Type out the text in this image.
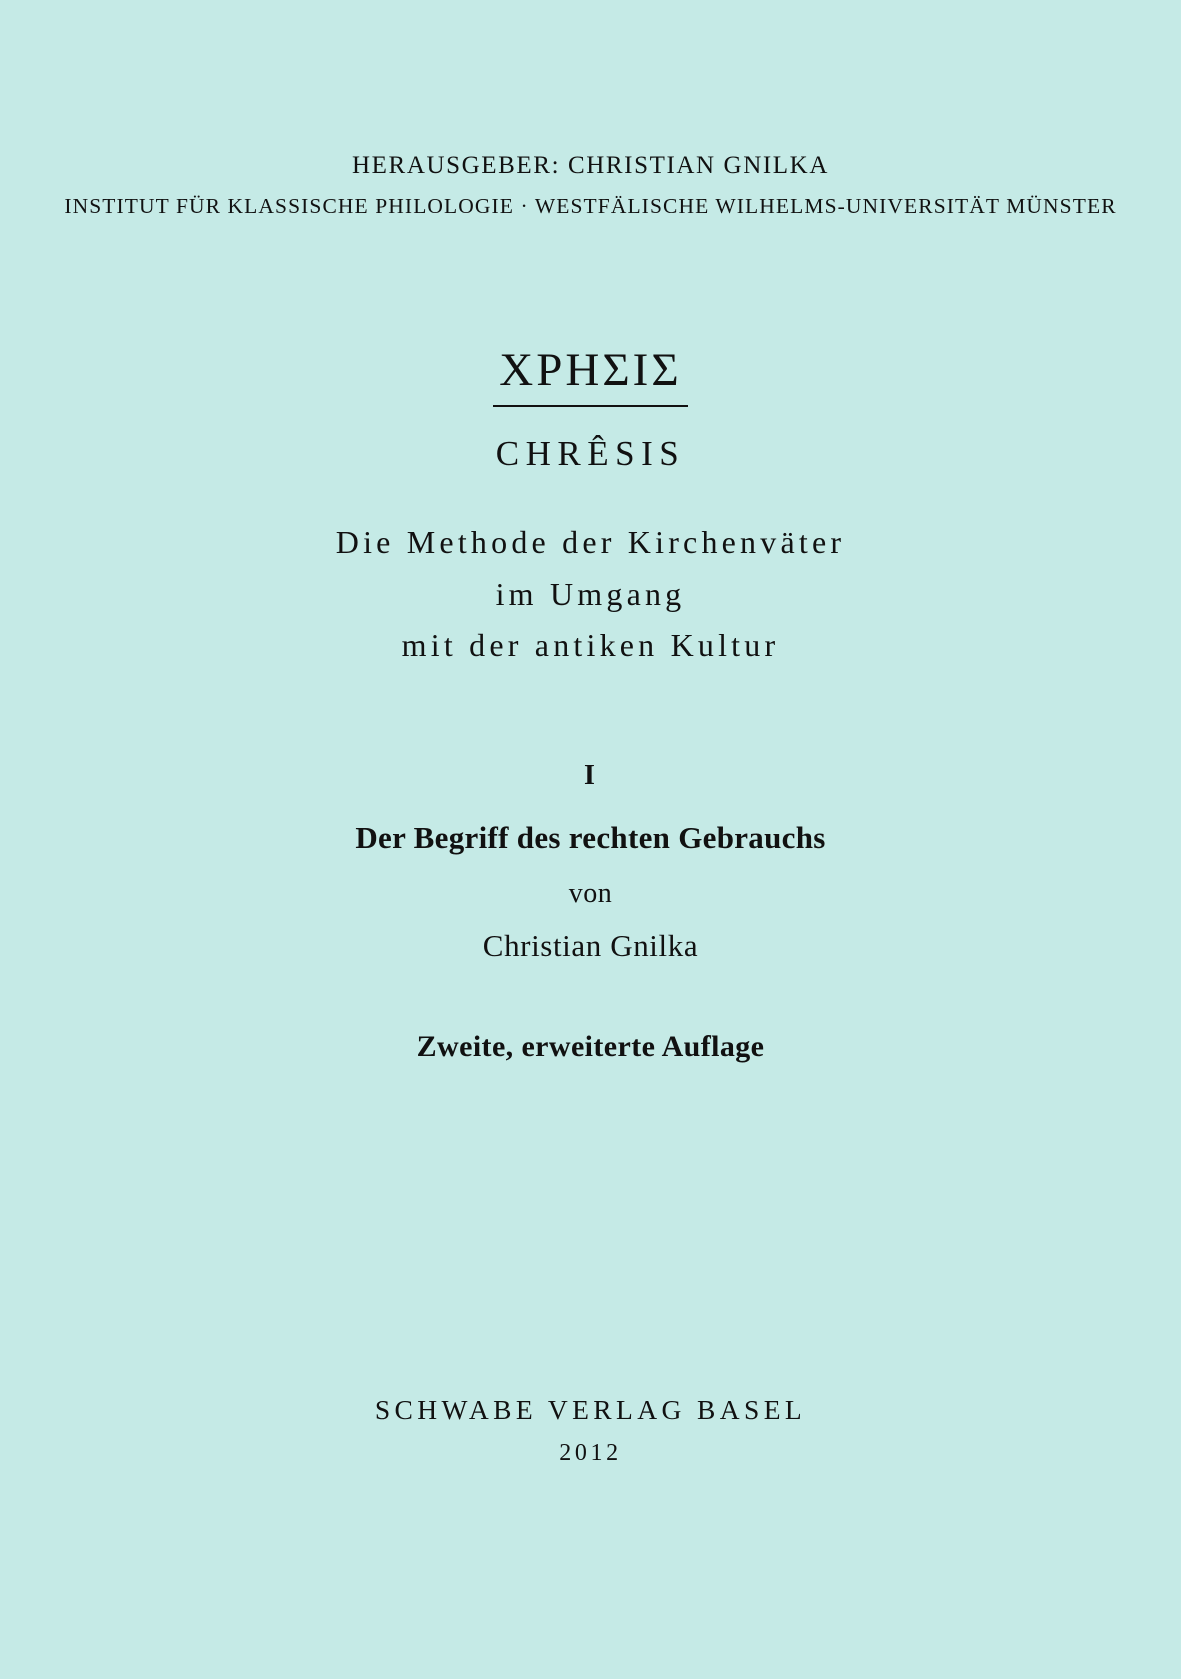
HERAUSGEBER: CHRISTIAN GNILKA
INSTITUT FÜR KLASSISCHE PHILOLOGIE · WESTFÄLISCHE WILHELMS-UNIVERSITÄT MÜNSTER
ΧΡΗΣΙΣ
CHRÊSIS
Die Methode der Kirchenväter
im Umgang
mit der antiken Kultur
I
Der Begriff des rechten Gebrauchs
von
Christian Gnilka
Zweite, erweiterte Auflage
SCHWABE VERLAG BASEL
2012
